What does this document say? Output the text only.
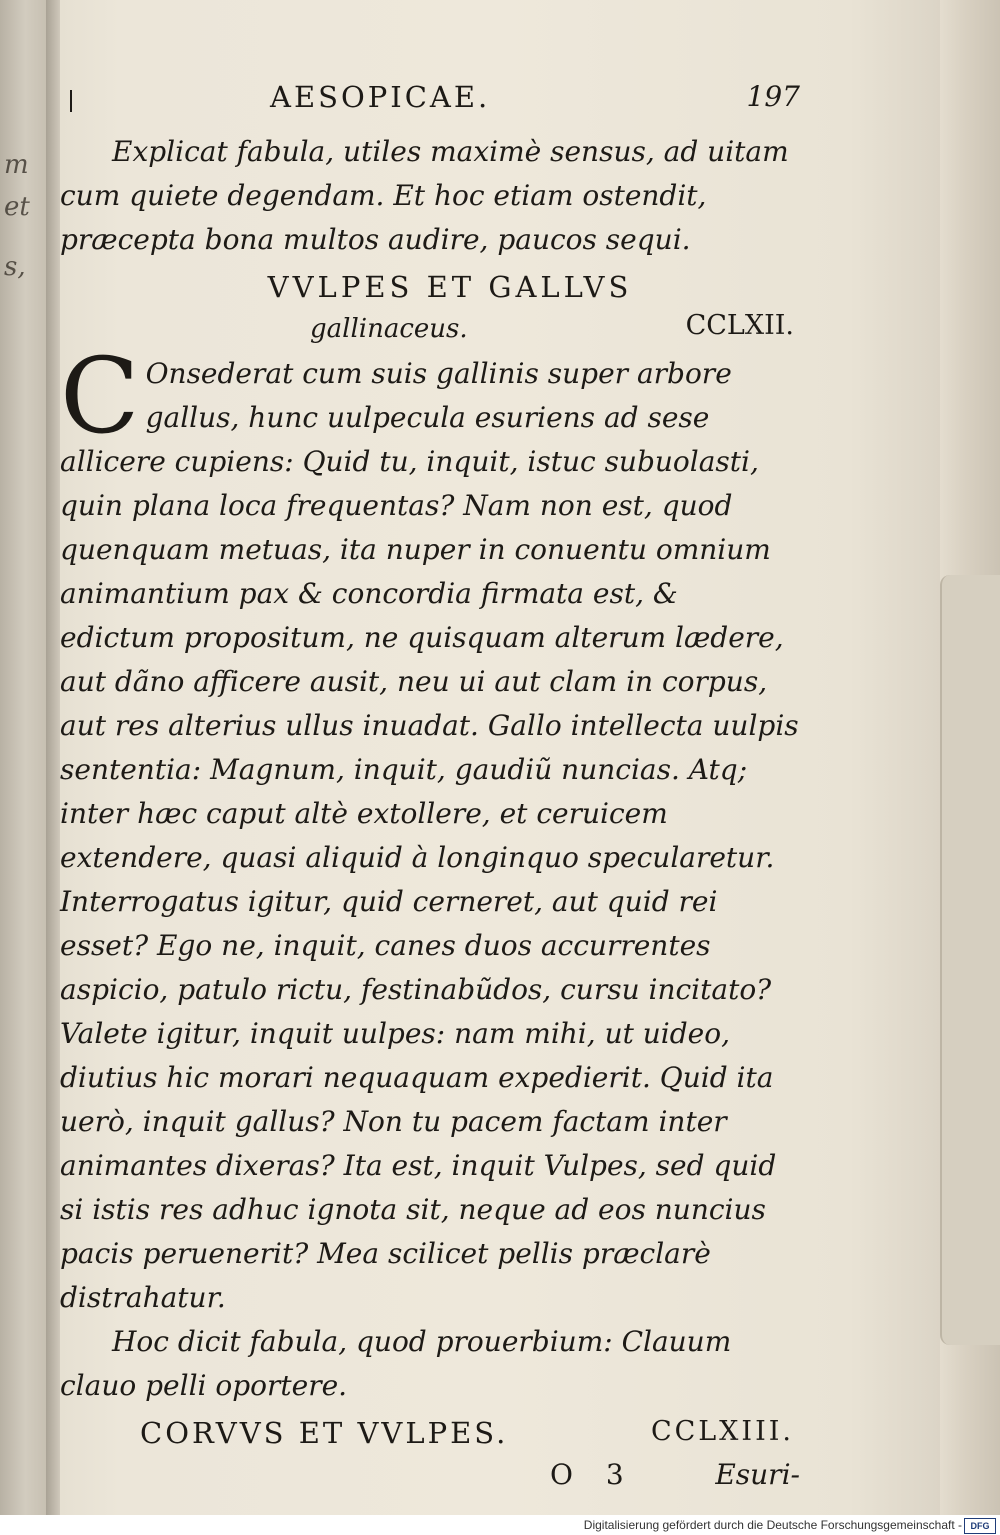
m
et
s,
AESOPICAE.	197

Explicat fabula, utiles maximè sensus, ad uitam cum quiete degendam. Et hoc etiam ostendit, præcepta bona multos audire, paucos sequi.

VVLPES ET GALLVS
gallinaceus.	CCLXII.

C Onsederat cum suis gallinis super arbore gallus, hunc uulpecula esuriens ad sese allicere cupiens: Quid tu, inquit, istuc subuolasti, quin plana loca frequentas? Nam non est, quod quenquam metuas, ita nuper in conuentu omnium animantium pax & concordia firmata est, & edictum propositum, ne quisquam alterum lædere, aut dãno afficere ausit, neu ui aut clam in corpus, aut res alterius ullus inuadat. Gallo intellecta uulpis sententia: Magnum, inquit, gaudiũ nuncias. Atq; inter hæc caput altè extollere, et ceruicem extendere, quasi aliquid à longinquo specularetur. Interrogatus igitur, quid cerneret, aut quid rei esset? Ego ne, inquit, canes duos accurrentes aspicio, patulo rictu, festinabũdos, cursu incitato? Valete igitur, inquit uulpes: nam mihi, ut uideo, diutius hic morari nequaquam expedierit. Quid ita uerò, inquit gallus? Non tu pacem factam inter animantes dixeras? Ita est, inquit Vulpes, sed quid si istis res adhuc ignota sit, neque ad eos nuncius pacis peruenerit? Mea scilicet pellis præclarè distrahatur.

Hoc dicit fabula, quod prouerbium: Clauum clauo pelli oportere.

CORVVS ET VVLPES.	CCLXIII.
O 3	Esuri-
Digitalisierung gefördert durch die Deutsche Forschungsgemeinschaft - DFG
